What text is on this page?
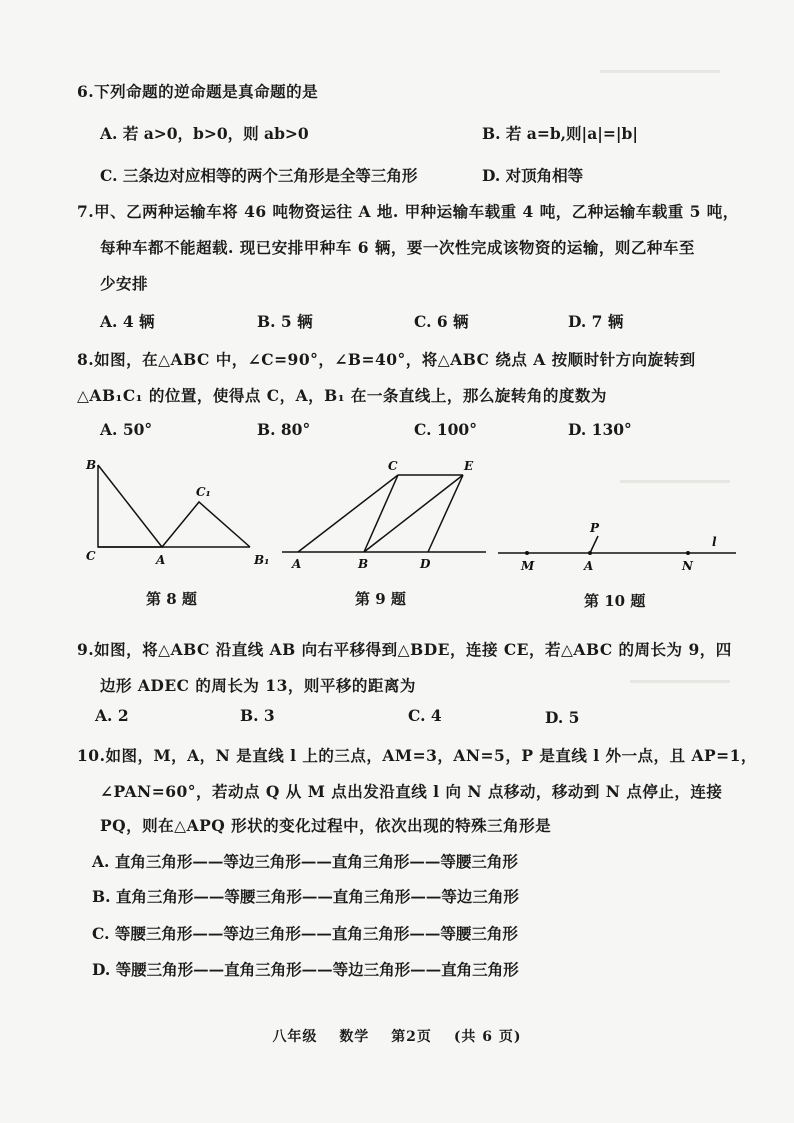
6.下列命题的逆命题是真命题的是
A. 若 a>0，b>0，则 ab>0	B. 若 a=b,则|a|=|b|
C. 三条边对应相等的两个三角形是全等三角形	D. 对顶角相等
7.甲、乙两种运输车将 46 吨物资运往 A 地. 甲种运输车载重 4 吨，乙种运输车载重 5 吨，
每种车都不能超载. 现已安排甲种车 6 辆，要一次性完成该物资的运输，则乙种车至
少安排
A. 4 辆	B. 5 辆	C. 6 辆	D. 7 辆
8.如图，在△ABC 中，∠C=90°，∠B=40°，将△ABC 绕点 A 按顺时针方向旋转到
△AB₁C₁ 的位置，使得点 C，A，B₁ 在一条直线上，那么旋转角的度数为
A. 50°	B. 80°	C. 100°	D. 130°
B
C	A
C₁
B₁
C	E
A	B	D
P
l
M	A	N
第 8 题	第 9 题	第 10 题
9.如图，将△ABC 沿直线 AB 向右平移得到△BDE，连接 CE，若△ABC 的周长为 9，四
边形 ADEC 的周长为 13，则平移的距离为
A. 2	B. 3	C. 4	D. 5
10.如图，M，A，N 是直线 l 上的三点，AM=3，AN=5，P 是直线 l 外一点，且 AP=1，
∠PAN=60°，若动点 Q 从 M 点出发沿直线 l 向 N 点移动，移动到 N 点停止，连接
PQ，则在△APQ 形状的变化过程中，依次出现的特殊三角形是
A. 直角三角形——等边三角形——直角三角形——等腰三角形
B. 直角三角形——等腰三角形——直角三角形——等边三角形
C. 等腰三角形——等边三角形——直角三角形——等腰三角形
D. 等腰三角形——直角三角形——等边三角形——直角三角形
八年级 数学 第2页 (共 6 页)
